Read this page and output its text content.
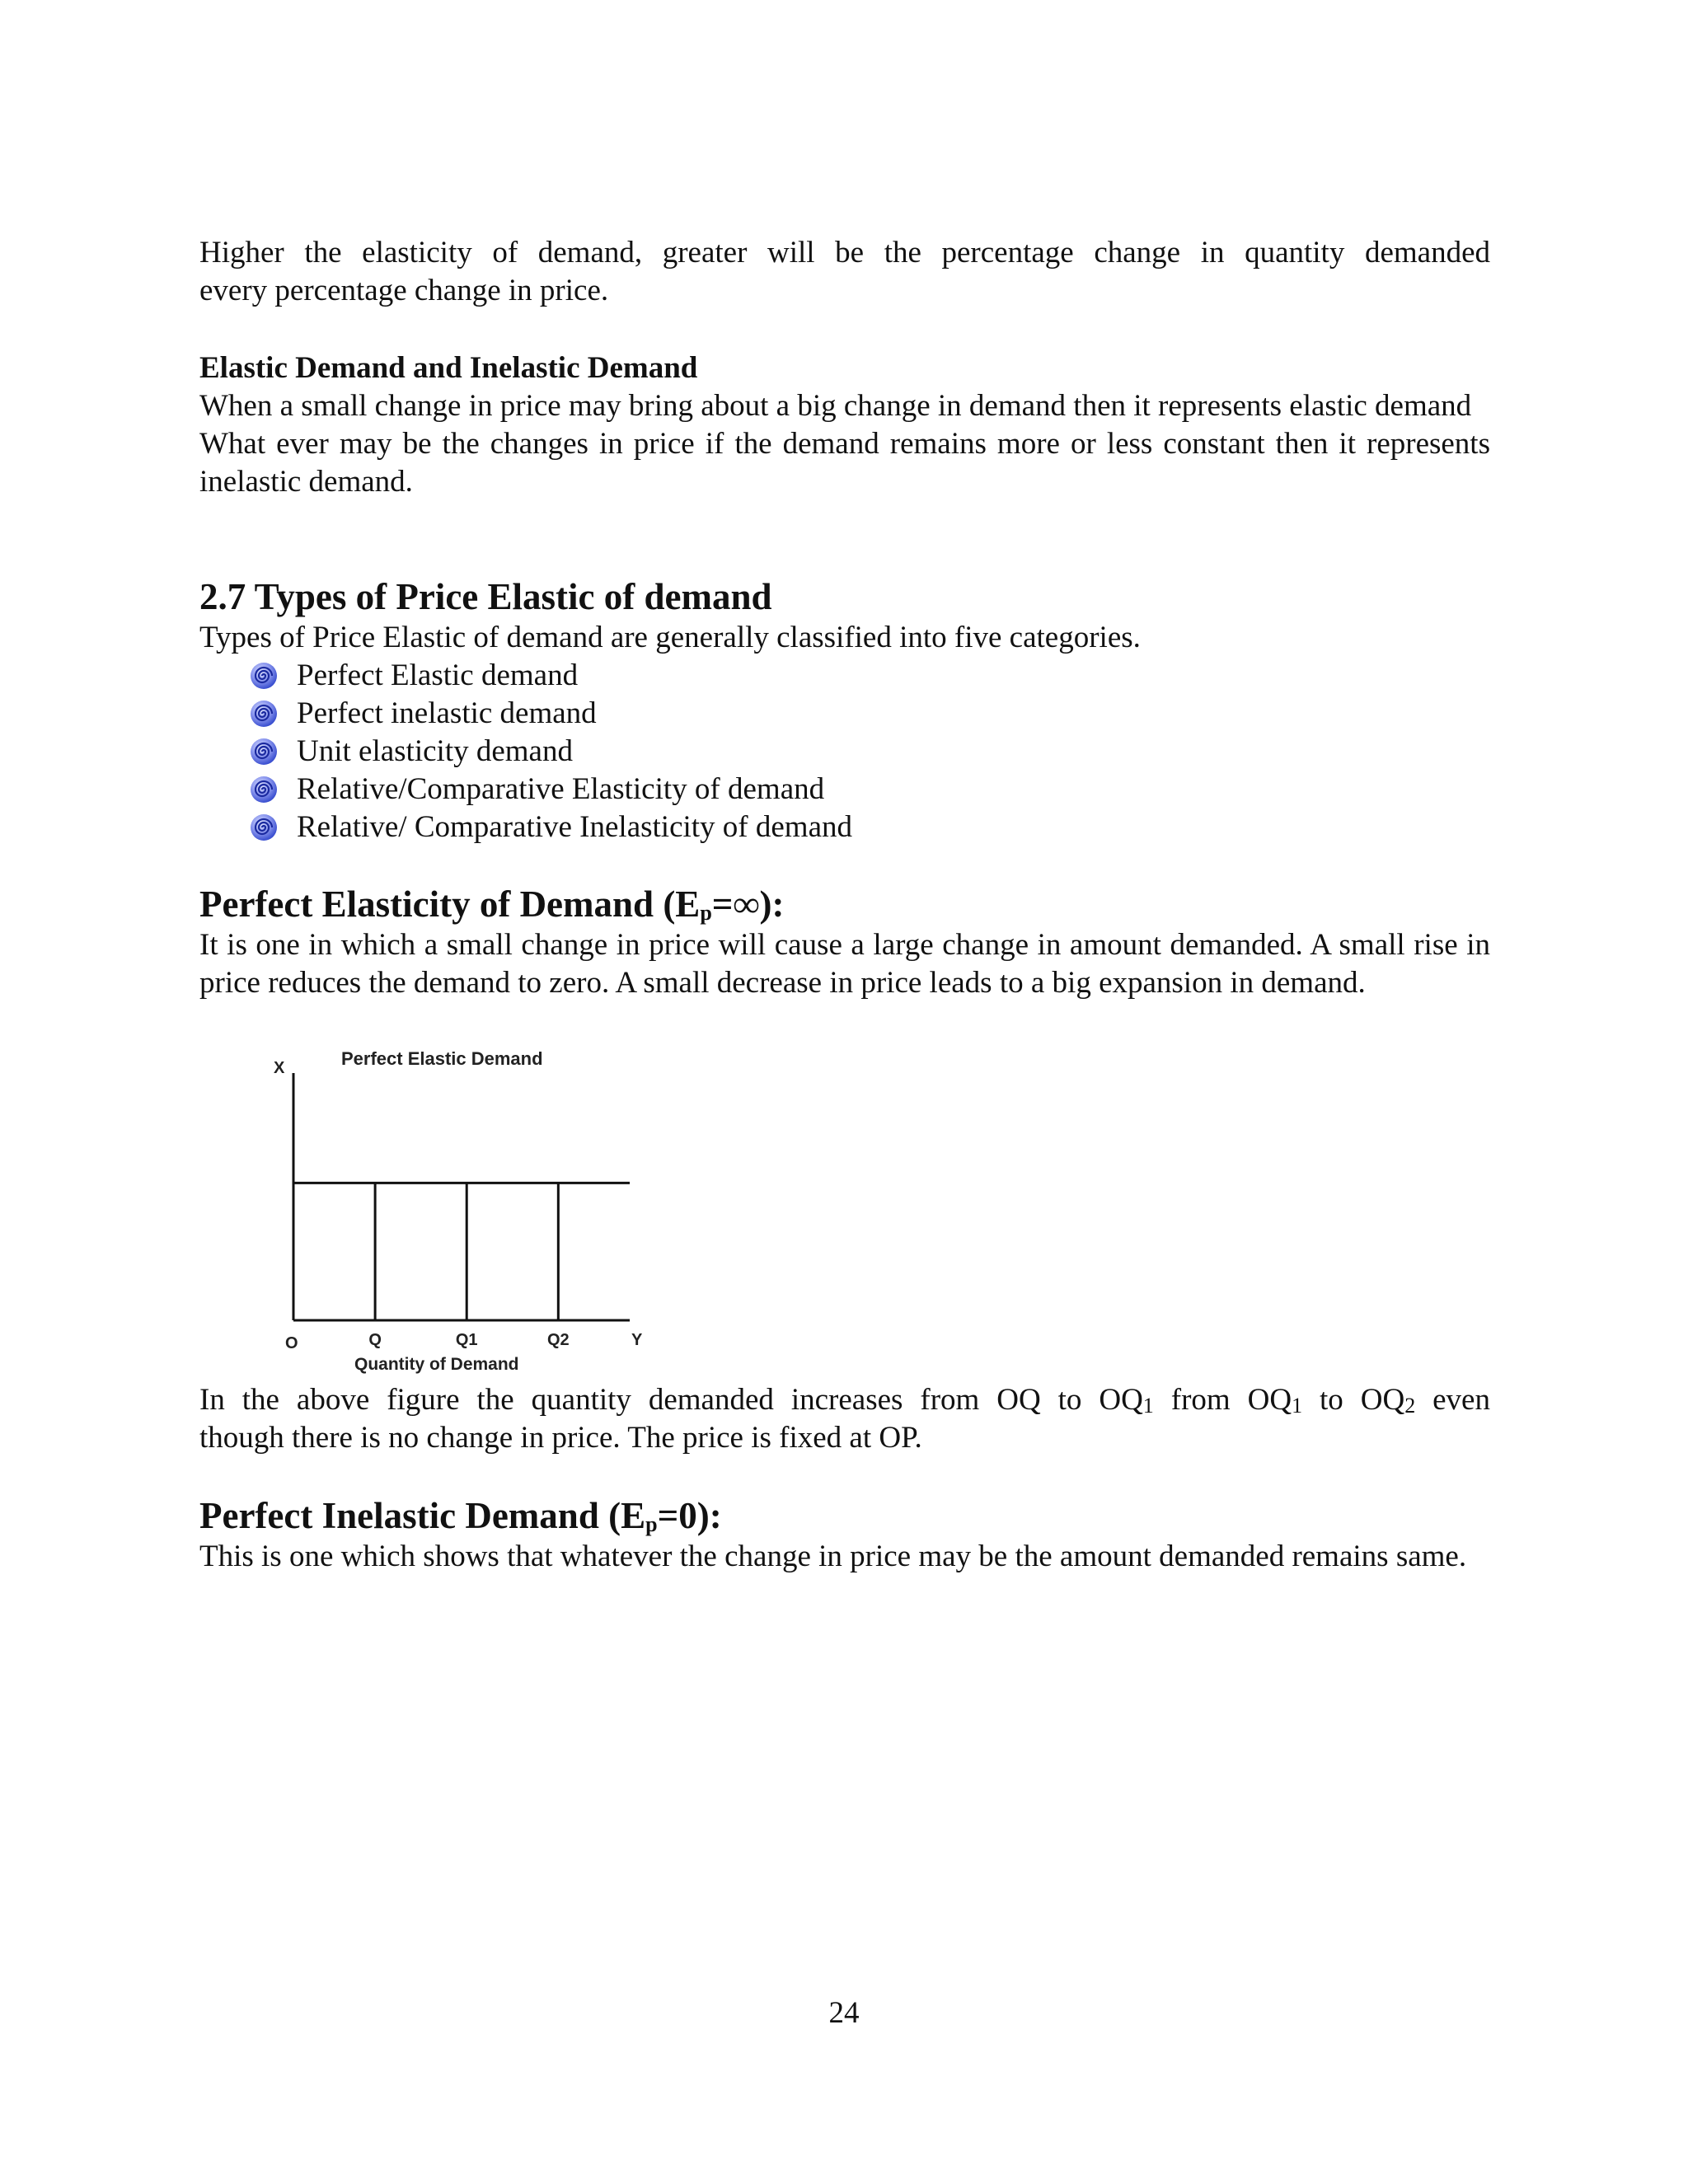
Higher the elasticity of demand, greater will be the percentage change in quantity demanded

every percentage change in price.

Elastic Demand and Inelastic Demand

When a small change in price may bring about a big change in demand then it represents elastic demand

What ever may be the changes in price if the demand remains more or less constant then it represents inelastic demand.

2.7 Types of Price Elastic of demand

Types of Price Elastic of demand are generally classified into five categories.

Perfect Elastic demand
Perfect inelastic demand
Unit elasticity demand
Relative/Comparative Elasticity of demand
Relative/ Comparative Inelasticity of demand

Perfect Elasticity of Demand $(E_p=\infty)$:

It is one in which a small change in price will cause a large change in amount demanded. A small rise in price reduces the demand to zero. A small decrease in price leads to a big expansion in demand.

Perfect Elastic Demand
X
Y
O
Quantity of Demand
Q	Q1	Q2

In the above figure the quantity demanded increases from OQ to $OQ_1$ from $OQ_1$ to $OQ_2$ even

though there is no change in price. The price is fixed at OP.

Perfect Inelastic Demand $(E_p=0)$:

This is one which shows that whatever the change in price may be the amount demanded remains same.

24
